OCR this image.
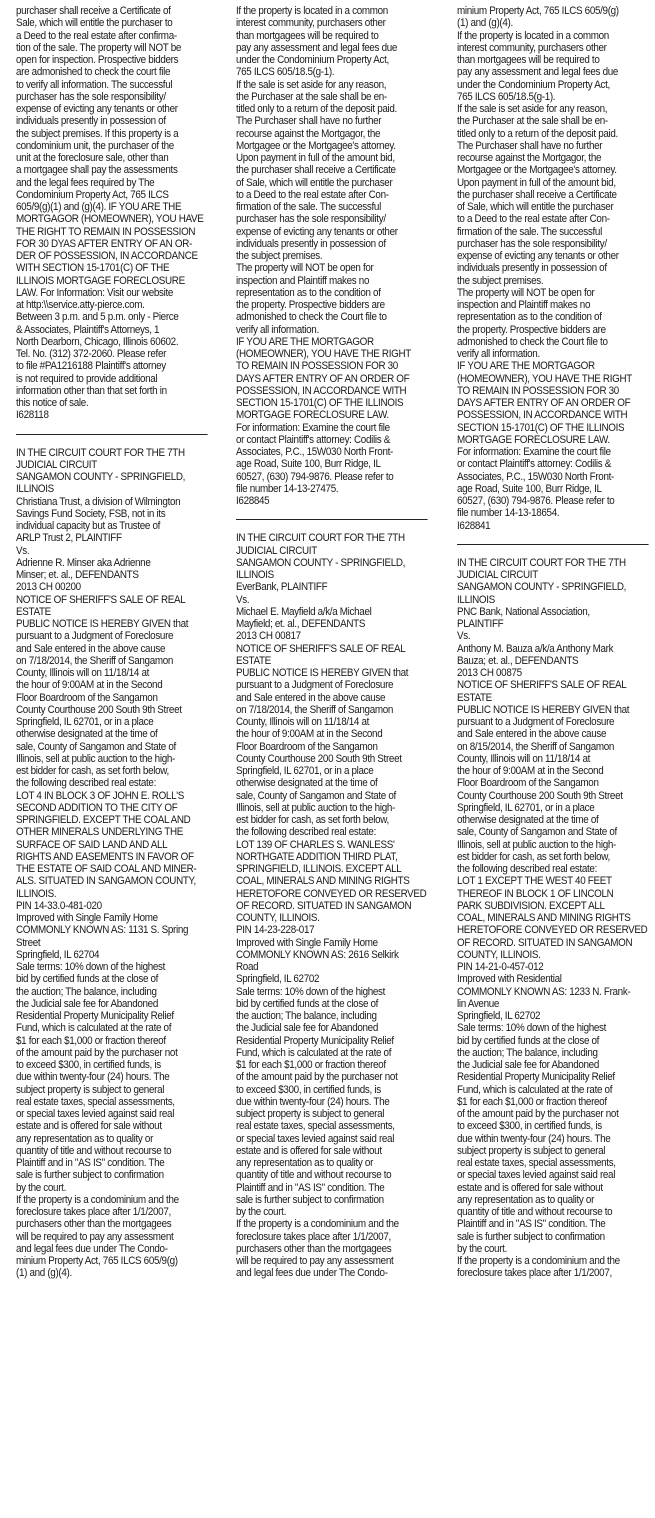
purchaser shall receive a Certificate of
Sale, which will entitle the purchaser to
a Deed to the real estate after confirma-
tion of the sale. The property will NOT be
open for inspection. Prospective bidders
are admonished to check the court file
to verify all information. The successful
purchaser has the sole responsibility/
expense of evicting any tenants or other
individuals presently in possession of
the subject premises. If this property is a
condominium unit, the purchaser of the
unit at the foreclosure sale, other than
a mortgagee shall pay the assessments
and the legal fees required by The
Condominium Property Act, 765 ILCS
605/9(g)(1) and (g)(4). IF YOU ARE THE
MORTGAGOR (HOMEOWNER), YOU HAVE
THE RIGHT TO REMAIN IN POSSESSION
FOR 30 DYAS AFTER ENTRY OF AN OR-
DER OF POSSESSION, IN ACCORDANCE
WITH SECTION 15-1701(C) OF THE
ILLINOIS MORTGAGE FORECLOSURE
LAW. For Information: Visit our website
at http:\\service.atty-pierce.com.
Between 3 p.m. and 5 p.m. only - Pierce
& Associates, Plaintiff's Attorneys, 1
North Dearborn, Chicago, Illinois 60602.
Tel. No. (312) 372-2060. Please refer
to file #PA1216188 Plaintiff's attorney
is not required to provide additional
information other than that set forth in
this notice of sale.
I628118
IN THE CIRCUIT COURT FOR THE 7TH
JUDICIAL CIRCUIT
SANGAMON COUNTY - SPRINGFIELD,
ILLINOIS
Christiana Trust, a division of Wilmington
Savings Fund Society, FSB, not in its
individual capacity but as Trustee of
ARLP Trust 2, PLAINTIFF
Vs.
Adrienne R. Minser aka Adrienne
Minser; et. al., DEFENDANTS
2013 CH 00200
NOTICE OF SHERIFF'S SALE OF REAL
ESTATE
PUBLIC NOTICE IS HEREBY GIVEN that
pursuant to a Judgment of Foreclosure
and Sale entered in the above cause
on 7/18/2014, the Sheriff of Sangamon
County, Illinois will on 11/18/14 at
the hour of 9:00AM at in the Second
Floor Boardroom of the Sangamon
County Courthouse 200 South 9th Street
Springfield, IL 62701, or in a place
otherwise designated at the time of
sale, County of Sangamon and State of
Illinois, sell at public auction to the high-
est bidder for cash, as set forth below,
the following described real estate:
LOT 4 IN BLOCK 3 OF JOHN E. ROLL'S
SECOND ADDITION TO THE CITY OF
SPRINGFIELD. EXCEPT THE COAL AND
OTHER MINERALS UNDERLYING THE
SURFACE OF SAID LAND AND ALL
RIGHTS AND EASEMENTS IN FAVOR OF
THE ESTATE OF SAID COAL AND MINER-
ALS. SITUATED IN SANGAMON COUNTY,
ILLINOIS.
PIN 14-33.0-481-020
Improved with Single Family Home
COMMONLY KNOWN AS: 1131 S. Spring
Street
Springfield, IL 62704
Sale terms: 10% down of the highest
bid by certified funds at the close of
the auction; The balance, including
the Judicial sale fee for Abandoned
Residential Property Municipality Relief
Fund, which is calculated at the rate of
$1 for each $1,000 or fraction thereof
of the amount paid by the purchaser not
to exceed $300, in certified funds, is
due within twenty-four (24) hours. The
subject property is subject to general
real estate taxes, special assessments,
or special taxes levied against said real
estate and is offered for sale without
any representation as to quality or
quantity of title and without recourse to
Plaintiff and in "AS IS" condition. The
sale is further subject to confirmation
by the court.
If the property is a condominium and the
foreclosure takes place after 1/1/2007,
purchasers other than the mortgagees
will be required to pay any assessment
and legal fees due under The Condo-
minium Property Act, 765 ILCS 605/9(g)
(1) and (g)(4).
If the property is located in a common
interest community, purchasers other
than mortgagees will be required to
pay any assessment and legal fees due
under the Condominium Property Act,
765 ILCS 605/18.5(g-1).
If the sale is set aside for any reason,
the Purchaser at the sale shall be en-
titled only to a return of the deposit paid.
The Purchaser shall have no further
recourse against the Mortgagor, the
Mortgagee or the Mortgagee's attorney.
Upon payment in full of the amount bid,
the purchaser shall receive a Certificate
of Sale, which will entitle the purchaser
to a Deed to the real estate after Con-
firmation of the sale. The successful
purchaser has the sole responsibility/
expense of evicting any tenants or other
individuals presently in possession of
the subject premises.
The property will NOT be open for
inspection and Plaintiff makes no
representation as to the condition of
the property. Prospective bidders are
admonished to check the Court file to
verify all information.
IF YOU ARE THE MORTGAGOR
(HOMEOWNER), YOU HAVE THE RIGHT
TO REMAIN IN POSSESSION FOR 30
DAYS AFTER ENTRY OF AN ORDER OF
POSSESSION, IN ACCORDANCE WITH
SECTION 15-1701(C) OF THE ILLINOIS
MORTGAGE FORECLOSURE LAW.
For information: Examine the court file
or contact Plaintiff's attorney: Codilis &
Associates, P.C., 15W030 North Front-
age Road, Suite 100, Burr Ridge, IL
60527, (630) 794-9876. Please refer to
file number 14-13-27475.
I628845
IN THE CIRCUIT COURT FOR THE 7TH
JUDICIAL CIRCUIT
SANGAMON COUNTY - SPRINGFIELD,
ILLINOIS
EverBank, PLAINTIFF
Vs.
Michael E. Mayfield a/k/a Michael
Mayfield; et. al., DEFENDANTS
2013 CH 00817
NOTICE OF SHERIFF'S SALE OF REAL
ESTATE
PUBLIC NOTICE IS HEREBY GIVEN that
pursuant to a Judgment of Foreclosure
and Sale entered in the above cause
on 7/18/2014, the Sheriff of Sangamon
County, Illinois will on 11/18/14 at
the hour of 9:00AM at in the Second
Floor Boardroom of the Sangamon
County Courthouse 200 South 9th Street
Springfield, IL 62701, or in a place
otherwise designated at the time of
sale, County of Sangamon and State of
Illinois, sell at public auction to the high-
est bidder for cash, as set forth below,
the following described real estate:
LOT 139 OF CHARLES S. WANLESS'
NORTHGATE ADDITION THIRD PLAT,
SPRINGFIELD, ILLINOIS. EXCEPT ALL
COAL, MINERALS AND MINING RIGHTS
HERETOFORE CONVEYED OR RESERVED
OF RECORD. SITUATED IN SANGAMON
COUNTY, ILLINOIS.
PIN 14-23-228-017
Improved with Single Family Home
COMMONLY KNOWN AS: 2616 Selkirk
Road
Springfield, IL 62702
Sale terms: 10% down of the highest
bid by certified funds at the close of
the auction; The balance, including
the Judicial sale fee for Abandoned
Residential Property Municipality Relief
Fund, which is calculated at the rate of
$1 for each $1,000 or fraction thereof
of the amount paid by the purchaser not
to exceed $300, in certified funds, is
due within twenty-four (24) hours. The
subject property is subject to general
real estate taxes, special assessments,
or special taxes levied against said real
estate and is offered for sale without
any representation as to quality or
quantity of title and without recourse to
Plaintiff and in "AS IS" condition. The
sale is further subject to confirmation
by the court.
If the property is a condominium and the
foreclosure takes place after 1/1/2007,
purchasers other than the mortgagees
will be required to pay any assessment
and legal fees due under The Condo-
minium Property Act, 765 ILCS 605/9(g)
(1) and (g)(4).
If the property is located in a common
interest community, purchasers other
than mortgagees will be required to
pay any assessment and legal fees due
under the Condominium Property Act,
765 ILCS 605/18.5(g-1).
If the sale is set aside for any reason,
the Purchaser at the sale shall be en-
titled only to a return of the deposit paid.
The Purchaser shall have no further
recourse against the Mortgagor, the
Mortgagee or the Mortgagee's attorney.
Upon payment in full of the amount bid,
the purchaser shall receive a Certificate
of Sale, which will entitle the purchaser
to a Deed to the real estate after Con-
firmation of the sale. The successful
purchaser has the sole responsibility/
expense of evicting any tenants or other
individuals presently in possession of
the subject premises.
The property will NOT be open for
inspection and Plaintiff makes no
representation as to the condition of
the property. Prospective bidders are
admonished to check the Court file to
verify all information.
IF YOU ARE THE MORTGAGOR
(HOMEOWNER), YOU HAVE THE RIGHT
TO REMAIN IN POSSESSION FOR 30
DAYS AFTER ENTRY OF AN ORDER OF
POSSESSION, IN ACCORDANCE WITH
SECTION 15-1701(C) OF THE ILLINOIS
MORTGAGE FORECLOSURE LAW.
For information: Examine the court file
or contact Plaintiff's attorney: Codilis &
Associates, P.C., 15W030 North Front-
age Road, Suite 100, Burr Ridge, IL
60527, (630) 794-9876. Please refer to
file number 14-13-18654.
I628841
IN THE CIRCUIT COURT FOR THE 7TH
JUDICIAL CIRCUIT
SANGAMON COUNTY - SPRINGFIELD,
ILLINOIS
PNC Bank, National Association,
PLAINTIFF
Vs.
Anthony M. Bauza a/k/a Anthony Mark
Bauza; et. al., DEFENDANTS
2013 CH 00875
NOTICE OF SHERIFF'S SALE OF REAL
ESTATE
PUBLIC NOTICE IS HEREBY GIVEN that
pursuant to a Judgment of Foreclosure
and Sale entered in the above cause
on 8/15/2014, the Sheriff of Sangamon
County, Illinois will on 11/18/14 at
the hour of 9:00AM at in the Second
Floor Boardroom of the Sangamon
County Courthouse 200 South 9th Street
Springfield, IL 62701, or in a place
otherwise designated at the time of
sale, County of Sangamon and State of
Illinois, sell at public auction to the high-
est bidder for cash, as set forth below,
the following described real estate:
LOT 1 EXCEPT THE WEST 40 FEET
THEREOF IN BLOCK 1 OF LINCOLN
PARK SUBDIVISION. EXCEPT ALL
COAL, MINERALS AND MINING RIGHTS
HERETOFORE CONVEYED OR RESERVED
OF RECORD. SITUATED IN SANGAMON
COUNTY, ILLINOIS.
PIN 14-21-0-457-012
Improved with Residential
COMMONLY KNOWN AS: 1233 N. Frank-
lin Avenue
Springfield, IL 62702
Sale terms: 10% down of the highest
bid by certified funds at the close of
the auction; The balance, including
the Judicial sale fee for Abandoned
Residential Property Municipality Relief
Fund, which is calculated at the rate of
$1 for each $1,000 or fraction thereof
of the amount paid by the purchaser not
to exceed $300, in certified funds, is
due within twenty-four (24) hours. The
subject property is subject to general
real estate taxes, special assessments,
or special taxes levied against said real
estate and is offered for sale without
any representation as to quality or
quantity of title and without recourse to
Plaintiff and in "AS IS" condition. The
sale is further subject to confirmation
by the court.
If the property is a condominium and the
foreclosure takes place after 1/1/2007,
